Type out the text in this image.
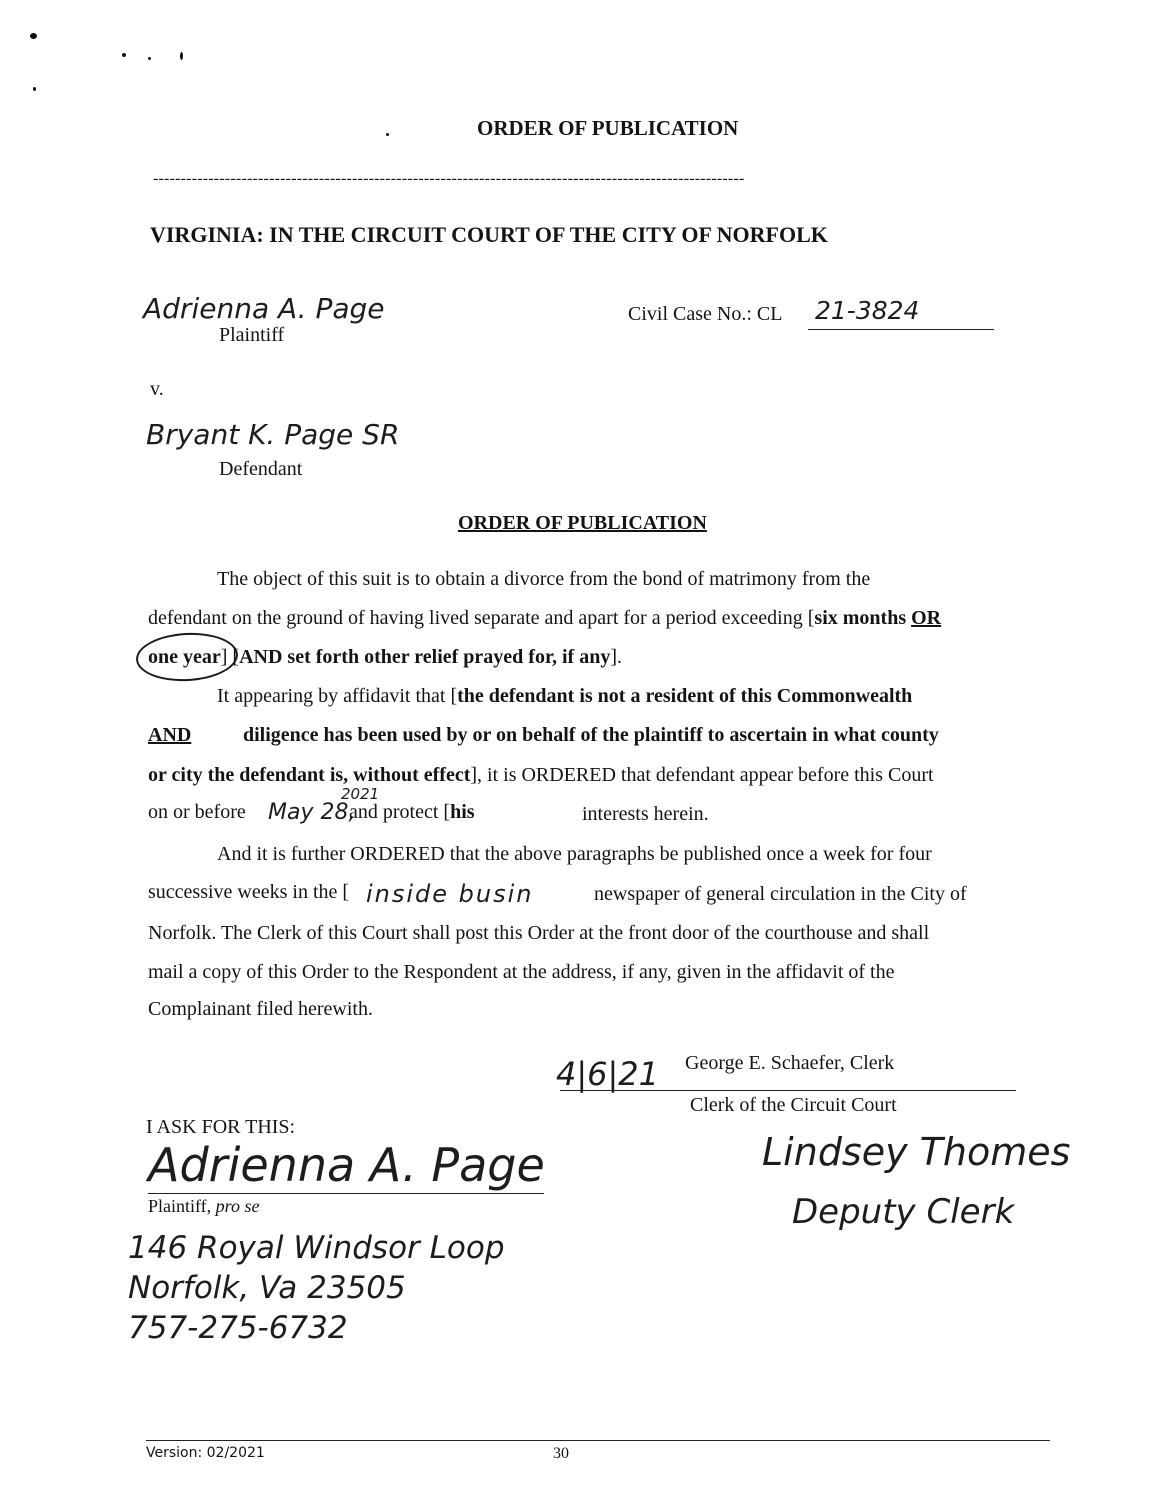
ORDER OF PUBLICATION
-----------------------------------------------------------------------------------------------------------
VIRGINIA: IN THE CIRCUIT COURT OF THE CITY OF NORFOLK
Adrienna A. Page
Plaintiff
Civil Case No.: CL 21-3824
v.
Bryant K. Page SR
Defendant
ORDER OF PUBLICATION
The object of this suit is to obtain a divorce from the bond of matrimony from the
defendant on the ground of having lived separate and apart for a period exceeding [six months OR
one year] [AND set forth other relief prayed for, if any].
It appearing by affidavit that [the defendant is not a resident of this Commonwealth
AND	diligence has been used by or on behalf of the plaintiff to ascertain in what county
or city the defendant is, without effect], it is ORDERED that defendant appear before this Court
on or before May 28,
2021
and protect [his	interests herein.
And it is further ORDERED that the above paragraphs be published once a week for four
successive weeks in the [ inside busin	newspaper of general circulation in the City of
Norfolk. The Clerk of this Court shall post this Order at the front door of the courthouse and shall
mail a copy of this Order to the Respondent at the address, if any, given in the affidavit of the
Complainant filed herewith.
4|6|21 George E. Schaefer, Clerk
Clerk of the Circuit Court
Lindsey Thomes
Deputy Clerk
I ASK FOR THIS:
Adrienna A. Page
Plaintiff, pro se
146 Royal Windsor Loop
Norfolk, Va 23505
757-275-6732
Version: 02/2021	30
